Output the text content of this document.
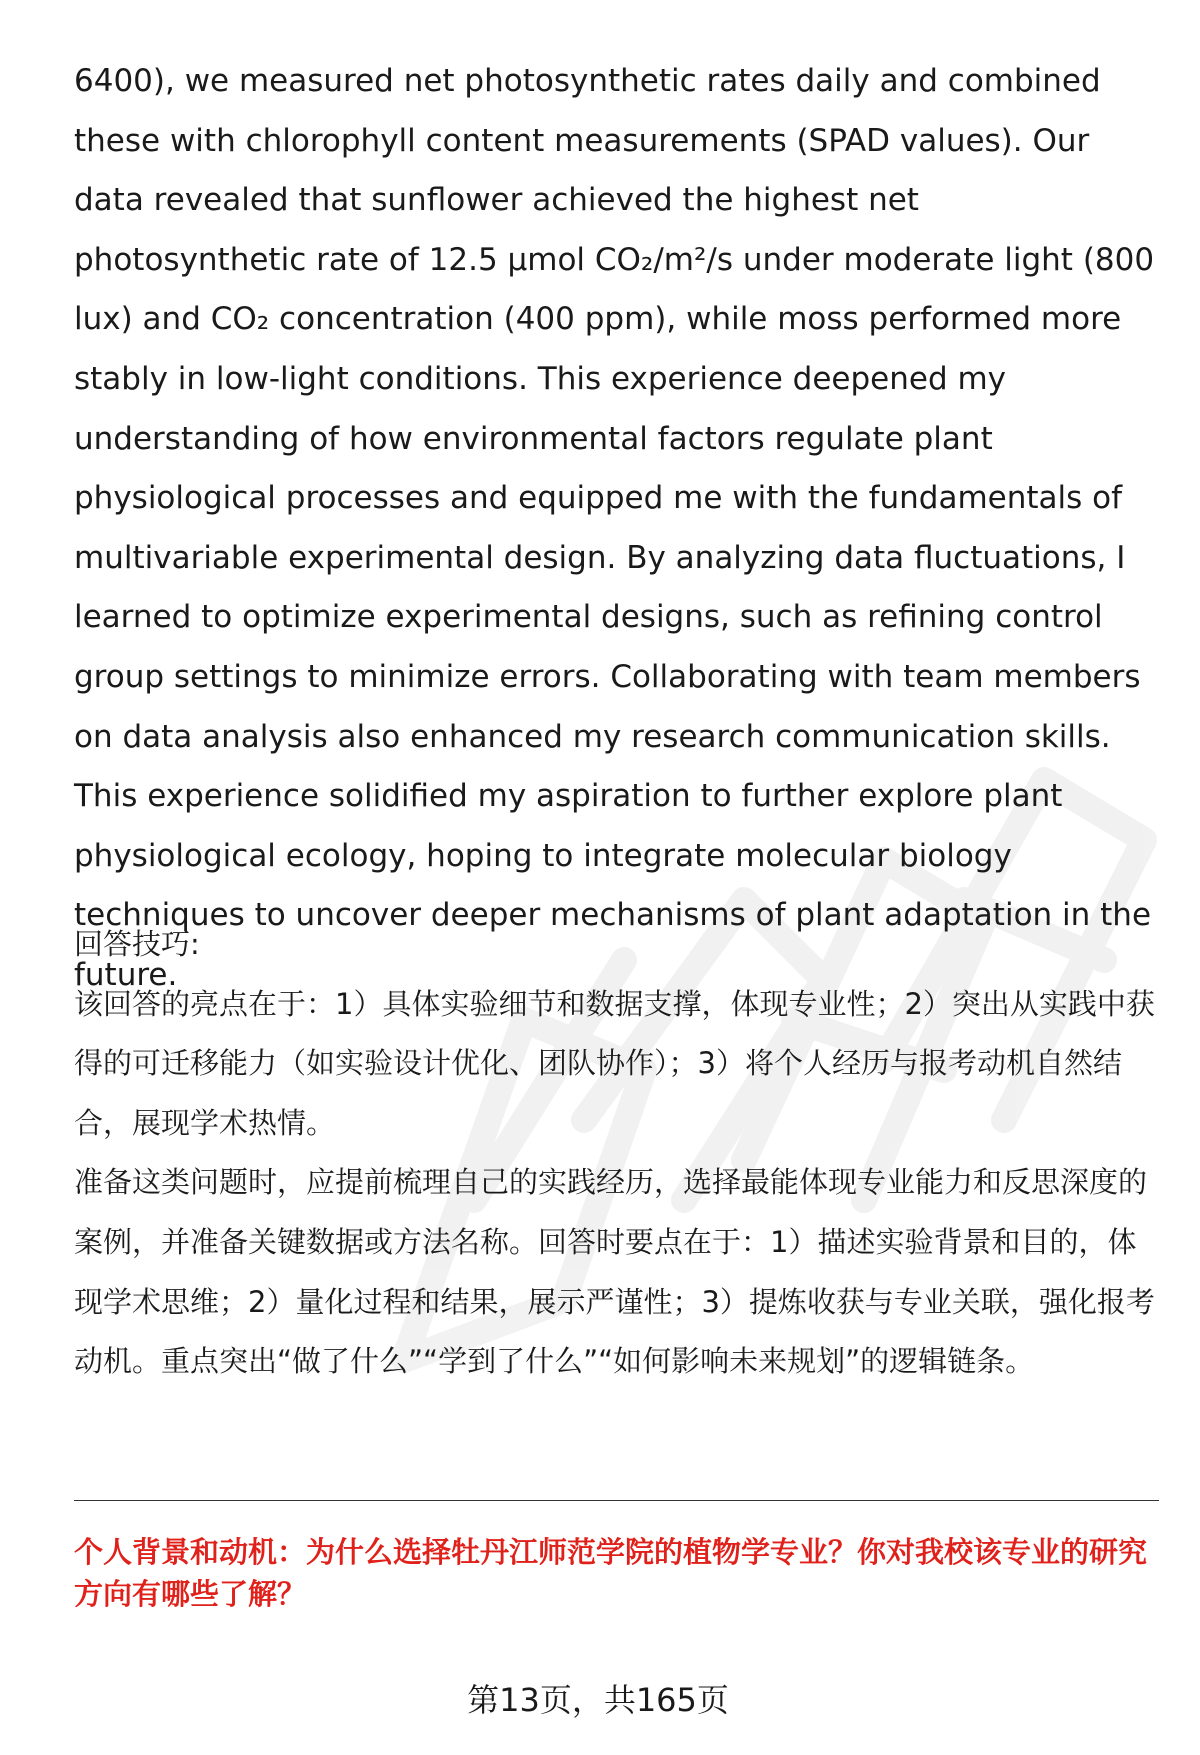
6400), we measured net photosynthetic rates daily and combined these with chlorophyll content measurements (SPAD values). Our data revealed that sunflower achieved the highest net photosynthetic rate of 12.5 μmol CO₂/m²/s under moderate light (800 lux) and CO₂ concentration (400 ppm), while moss performed more stably in low-light conditions. This experience deepened my understanding of how environmental factors regulate plant physiological processes and equipped me with the fundamentals of multivariable experimental design. By analyzing data fluctuations, I learned to optimize experimental designs, such as refining control group settings to minimize errors. Collaborating with team members on data analysis also enhanced my research communication skills. This experience solidified my aspiration to further explore plant physiological ecology, hoping to integrate molecular biology techniques to uncover deeper mechanisms of plant adaptation in the future.

回答技巧:

该回答的亮点在于：1）具体实验细节和数据支撑，体现专业性；2）突出从实践中获得的可迁移能力（如实验设计优化、团队协作）；3）将个人经历与报考动机自然结合，展现学术热情。

准备这类问题时，应提前梳理自己的实践经历，选择最能体现专业能力和反思深度的案例，并准备关键数据或方法名称。回答时要点在于：1）描述实验背景和目的，体现学术思维；2）量化过程和结果，展示严谨性；3）提炼收获与专业关联，强化报考动机。重点突出“做了什么”“学到了什么”“如何影响未来规划”的逻辑链条。

个人背景和动机：为什么选择牡丹江师范学院的植物学专业？你对我校该专业的研究方向有哪些了解？

第13页，共165页
